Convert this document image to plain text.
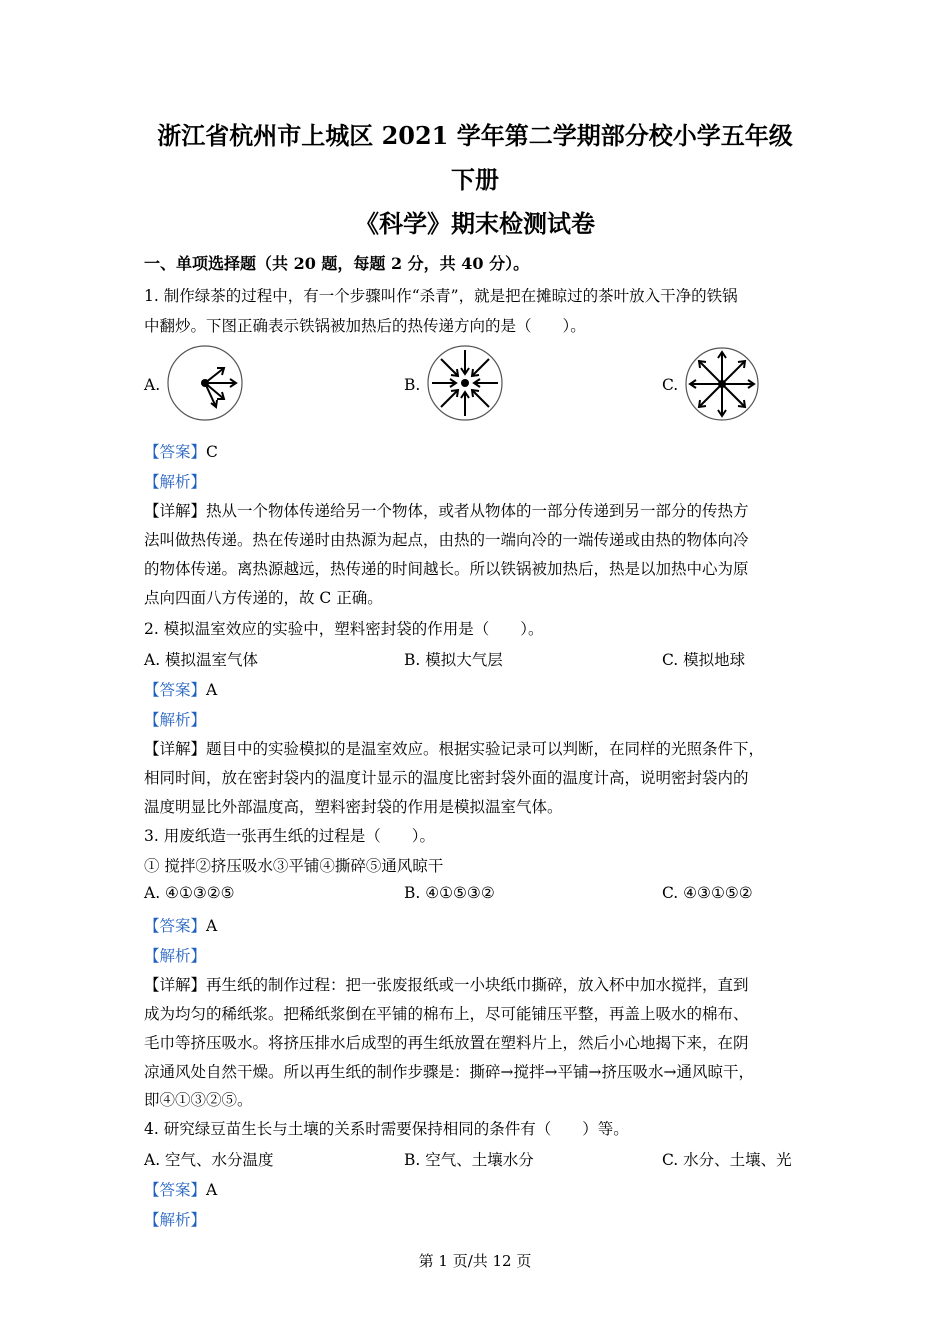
浙江省杭州市上城区 2021 学年第二学期部分校小学五年级
下册
《科学》期末检测试卷
一、单项选择题（共 20 题，每题 2 分，共 40 分）。
1. 制作绿茶的过程中，有一个步骤叫作“杀青”，就是把在摊晾过的茶叶放入干净的铁锅
中翻炒。下图正确表示铁锅被加热后的热传递方向的是（　　）。
A.	B.	C.
【答案】C
【解析】
【详解】热从一个物体传递给另一个物体，或者从物体的一部分传递到另一部分的传热方
法叫做热传递。热在传递时由热源为起点，由热的一端向冷的一端传递或由热的物体向冷
的物体传递。离热源越远，热传递的时间越长。所以铁锅被加热后，热是以加热中心为原
点向四面八方传递的，故 C 正确。
2. 模拟温室效应的实验中，塑料密封袋的作用是（　　）。
A. 模拟温室气体	B. 模拟大气层	C. 模拟地球
【答案】A
【解析】
【详解】题目中的实验模拟的是温室效应。根据实验记录可以判断，在同样的光照条件下，
相同时间，放在密封袋内的温度计显示的温度比密封袋外面的温度计高，说明密封袋内的
温度明显比外部温度高，塑料密封袋的作用是模拟温室气体。
3. 用废纸造一张再生纸的过程是（　　）。
① 搅拌②挤压吸水③平铺④撕碎⑤通风晾干
A. ④①③②⑤	B. ④①⑤③②	C. ④③①⑤②
【答案】A
【解析】
【详解】再生纸的制作过程：把一张废报纸或一小块纸巾撕碎，放入杯中加水搅拌，直到
成为均匀的稀纸浆。把稀纸浆倒在平铺的棉布上，尽可能铺压平整，再盖上吸水的棉布、
毛巾等挤压吸水。将挤压排水后成型的再生纸放置在塑料片上，然后小心地揭下来，在阴
凉通风处自然干燥。所以再生纸的制作步骤是：撕碎→搅拌→平铺→挤压吸水→通风晾干，
即④①③②⑤。
4. 研究绿豆苗生长与土壤的关系时需要保持相同的条件有（　　）等。
A. 空气、水分温度	B. 空气、土壤水分	C. 水分、土壤、光
【答案】A
【解析】
第 1 页/共 12 页
